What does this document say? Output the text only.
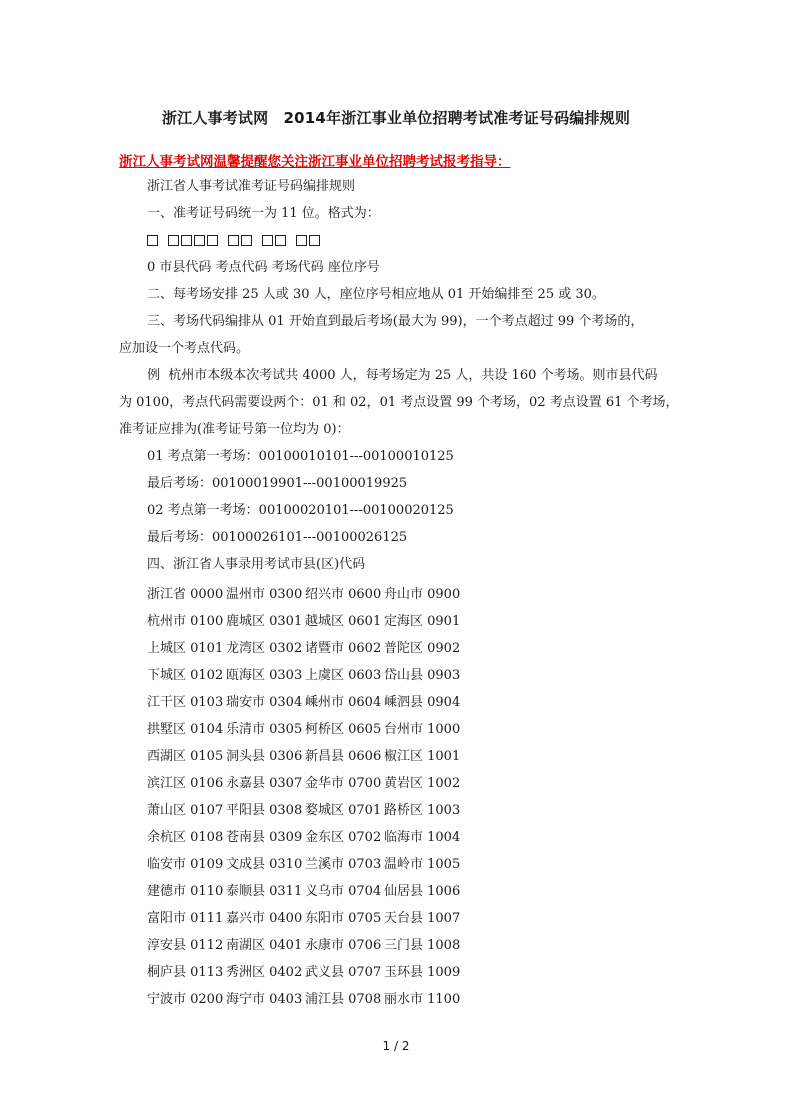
浙江人事考试网　2014年浙江事业单位招聘考试准考证号码编排规则
浙江人事考试网温馨提醒您关注浙江事业单位招聘考试报考指导：
浙江省人事考试准考证号码编排规则
一、准考证号码统一为 11 位。格式为：
0 市县代码 考点代码 考场代码 座位序号
二、每考场安排 25 人或 30 人，座位序号相应地从 01 开始编排至 25 或 30。
三、考场代码编排从 01 开始直到最后考场(最大为 99)，一个考点超过 99 个考场的，
应加设一个考点代码。
例  杭州市本级本次考试共 4000 人，每考场定为 25 人，共设 160 个考场。则市县代码
为 0100，考点代码需要设两个：01 和 02，01 考点设置 99 个考场，02 考点设置 61 个考场，
准考证应排为(准考证号第一位均为 0)：
01 考点第一考场：00100010101---00100010125
最后考场：00100019901---00100019925
02 考点第一考场：00100020101---00100020125
最后考场：00100026101---00100026125
四、浙江省人事录用考试市县(区)代码
浙江省 0000 温州市 0300 绍兴市 0600 舟山市 0900
杭州市 0100 鹿城区 0301 越城区 0601 定海区 0901
上城区 0101 龙湾区 0302 诸暨市 0602 普陀区 0902
下城区 0102 瓯海区 0303 上虞区 0603 岱山县 0903
江干区 0103 瑞安市 0304 嵊州市 0604 嵊泗县 0904
拱墅区 0104 乐清市 0305 柯桥区 0605 台州市 1000
西湖区 0105 洞头县 0306 新昌县 0606 椒江区 1001
滨江区 0106 永嘉县 0307 金华市 0700 黄岩区 1002
萧山区 0107 平阳县 0308 婺城区 0701 路桥区 1003
余杭区 0108 苍南县 0309 金东区 0702 临海市 1004
临安市 0109 文成县 0310 兰溪市 0703 温岭市 1005
建德市 0110 泰顺县 0311 义乌市 0704 仙居县 1006
富阳市 0111 嘉兴市 0400 东阳市 0705 天台县 1007
淳安县 0112 南湖区 0401 永康市 0706 三门县 1008
桐庐县 0113 秀洲区 0402 武义县 0707 玉环县 1009
宁波市 0200 海宁市 0403 浦江县 0708 丽水市 1100
1 / 2
